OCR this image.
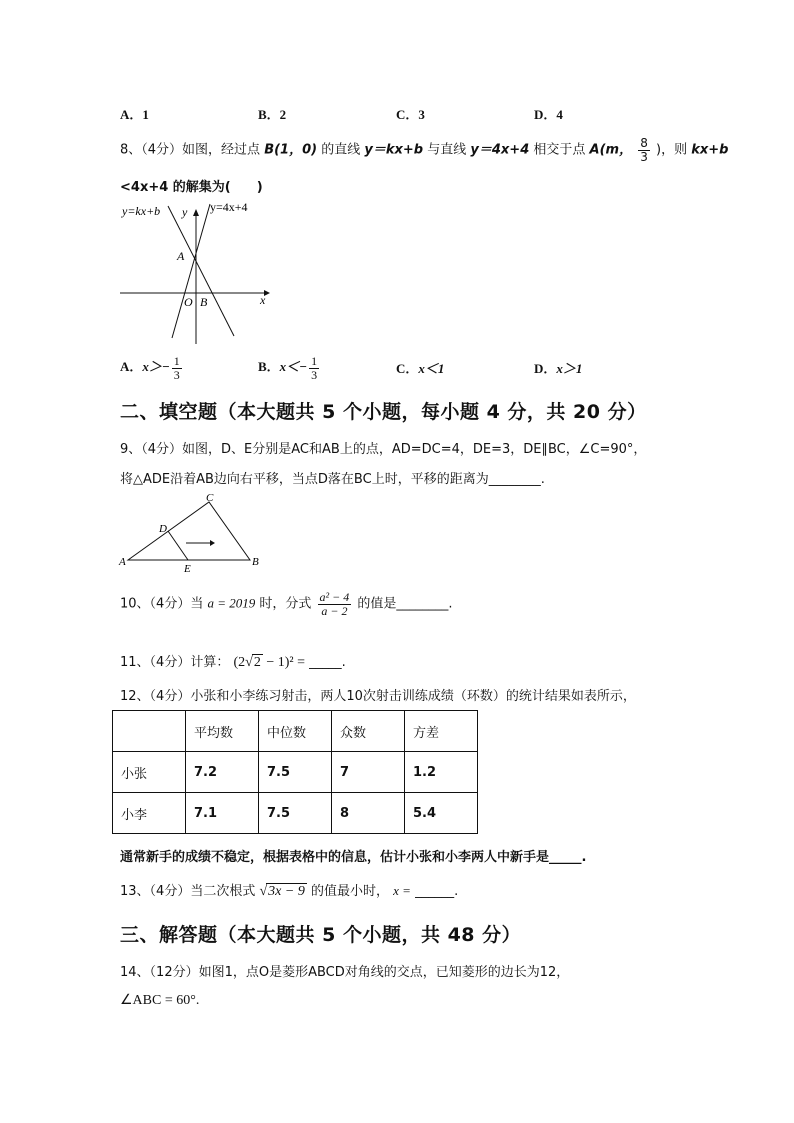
A．1	B．2	C．3	D．4
8、（4分）如图，经过点 B(1，0) 的直线 y＝kx+b 与直线 y＝4x+4 相交于点 A(m， $\frac{8}{3}$ )，则 kx+b
<4x+4 的解集为(　　)
y=kx+b	y=4x+4
y
x
A
O B
A．$x>- \frac{1}{3}$	B．$x<- \frac{1}{3}$	C．x＜1	D．x＞1
二、填空题（本大题共 5 个小题，每小题 4 分，共 20 分）
9、（4分）如图，D、E分别是AC和AB上的点，AD=DC=4，DE=3，DE∥BC，∠C=90°，
将△ADE沿着AB边向右平移，当点D落在BC上时，平移的距离为________.
A	B
C
D
E
10、（4分）当 a = 2019 时，分式 $\frac{\text{a² − 4}}{a - 2}$ 的值是________.
11、（4分）计算： (2√2 − 1)² = _____.
12、（4分）小张和小李练习射击，两人10次射击训练成绩（环数）的统计结果如表所示，
	平均数	中位数	众数	方差
小张	7.2	7.5	7	1.2
小李	7.1	7.5	8	5.4
通常新手的成绩不稳定，根据表格中的信息，估计小张和小李两人中新手是_____.
13、（4分）当二次根式 √3x − 9 的值最小时， x = ______.
三、解答题（本大题共 5 个小题，共 48 分）
14、（12分）如图1，点O是菱形ABCD对角线的交点，已知菱形的边长为12，
∠ABC = 60°.
